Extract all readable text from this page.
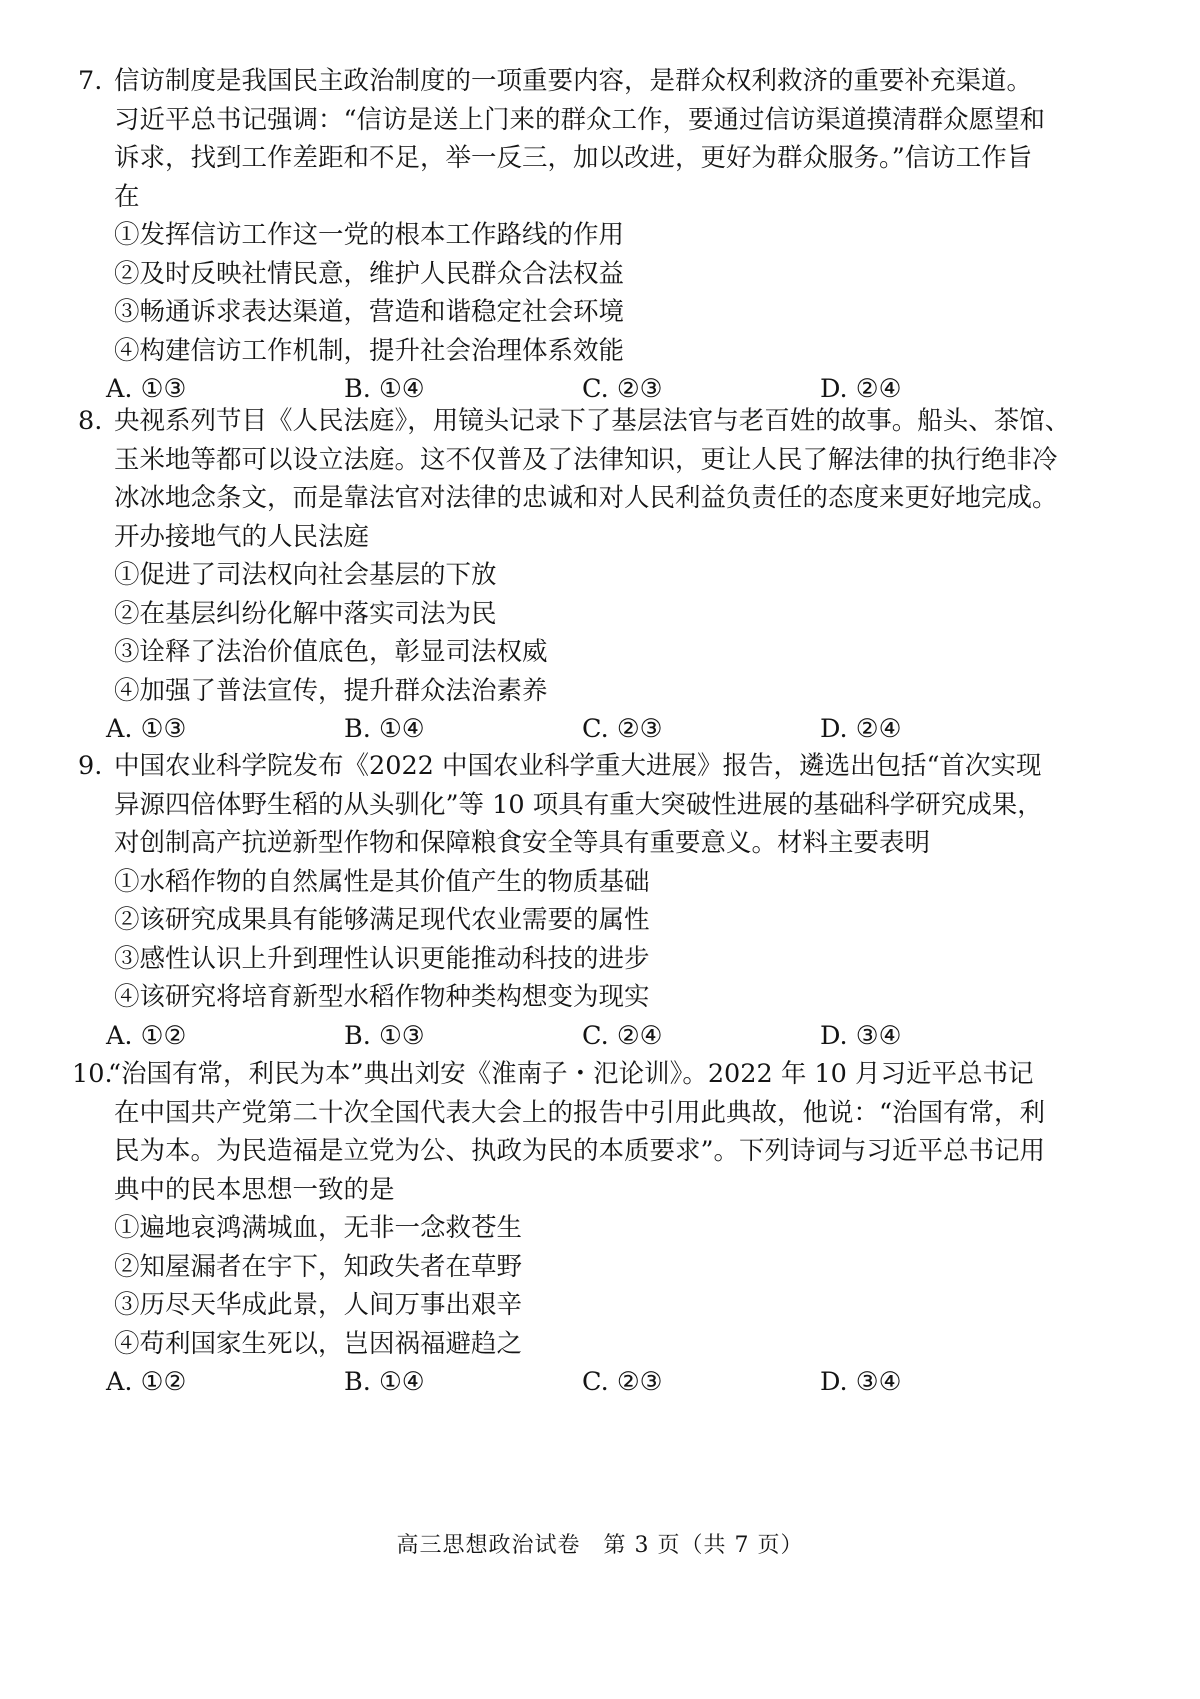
7. 信访制度是我国民主政治制度的一项重要内容，是群众权利救济的重要补充渠道。
习近平总书记强调：“信访是送上门来的群众工作，要通过信访渠道摸清群众愿望和
诉求，找到工作差距和不足，举一反三，加以改进，更好为群众服务。”信访工作旨
在
①发挥信访工作这一党的根本工作路线的作用
②及时反映社情民意，维护人民群众合法权益
③畅通诉求表达渠道，营造和谐稳定社会环境
④构建信访工作机制，提升社会治理体系效能
A. ①③	B. ①④	C. ②③	D. ②④
8. 央视系列节目《人民法庭》，用镜头记录下了基层法官与老百姓的故事。船头、茶馆、
玉米地等都可以设立法庭。这不仅普及了法律知识，更让人民了解法律的执行绝非冷
冰冰地念条文，而是靠法官对法律的忠诚和对人民利益负责任的态度来更好地完成。
开办接地气的人民法庭
①促进了司法权向社会基层的下放
②在基层纠纷化解中落实司法为民
③诠释了法治价值底色，彰显司法权威
④加强了普法宣传，提升群众法治素养
A. ①③	B. ①④	C. ②③	D. ②④
9. 中国农业科学院发布《2022 中国农业科学重大进展》报告，遴选出包括“首次实现
异源四倍体野生稻的从头驯化”等 10 项具有重大突破性进展的基础科学研究成果，
对创制高产抗逆新型作物和保障粮食安全等具有重要意义。材料主要表明
①水稻作物的自然属性是其价值产生的物质基础
②该研究成果具有能够满足现代农业需要的属性
③感性认识上升到理性认识更能推动科技的进步
④该研究将培育新型水稻作物种类构想变为现实
A. ①②	B. ①③	C. ②④	D. ③④
10.“治国有常，利民为本”典出刘安《淮南子・氾论训》。2022 年 10 月习近平总书记
在中国共产党第二十次全国代表大会上的报告中引用此典故，他说：“治国有常，利
民为本。为民造福是立党为公、执政为民的本质要求”。下列诗词与习近平总书记用
典中的民本思想一致的是
①遍地哀鸿满城血，无非一念救苍生
②知屋漏者在宇下，知政失者在草野
③历尽天华成此景，人间万事出艰辛
④苟利国家生死以，岂因祸福避趋之
A. ①②	B. ①④	C. ②③	D. ③④
高三思想政治试卷　第 3 页（共 7 页）
